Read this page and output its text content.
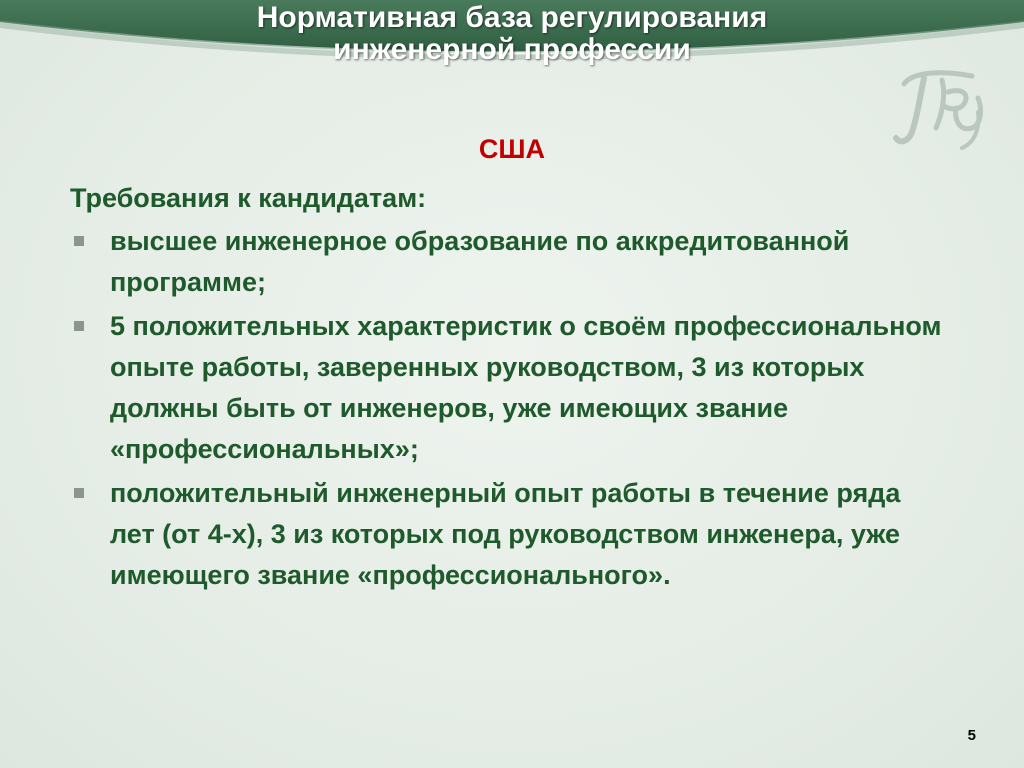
Нормативная база регулирования
инженерной профессии
ТПУ
США
Требования к кандидатам:
высшее инженерное образование по аккредитованной программе;
5 положительных характеристик о своём профессиональном опыте работы, заверенных руководством, 3 из которых должны быть от инженеров, уже имеющих звание «профессиональных»;
положительный инженерный опыт работы в течение ряда лет (от 4-х), 3 из которых под руководством инженера, уже имеющего звание «профессионального».
5
